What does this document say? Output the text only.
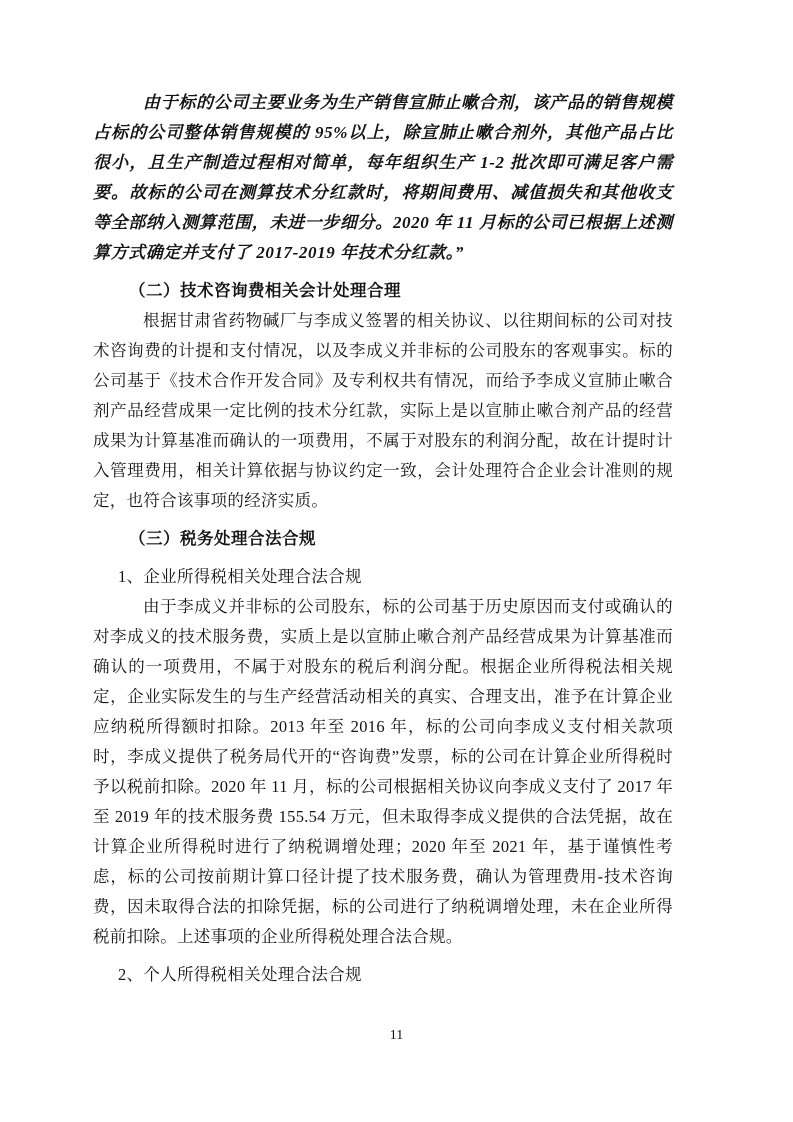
由于标的公司主要业务为生产销售宣肺止嗽合剂，该产品的销售规模占标的公司整体销售规模的 95%以上，除宣肺止嗽合剂外，其他产品占比很小，且生产制造过程相对简单，每年组织生产 1-2 批次即可满足客户需要。故标的公司在测算技术分红款时，将期间费用、减值损失和其他收支等全部纳入测算范围，未进一步细分。2020 年 11 月标的公司已根据上述测算方式确定并支付了 2017-2019 年技术分红款。”

（二）技术咨询费相关会计处理合理

根据甘肃省药物碱厂与李成义签署的相关协议、以往期间标的公司对技术咨询费的计提和支付情况，以及李成义并非标的公司股东的客观事实。标的公司基于《技术合作开发合同》及专利权共有情况，而给予李成义宣肺止嗽合剂产品经营成果一定比例的技术分红款，实际上是以宣肺止嗽合剂产品的经营成果为计算基准而确认的一项费用，不属于对股东的利润分配，故在计提时计入管理费用，相关计算依据与协议约定一致，会计处理符合企业会计准则的规定，也符合该事项的经济实质。

（三）税务处理合法合规

1、企业所得税相关处理合法合规

由于李成义并非标的公司股东，标的公司基于历史原因而支付或确认的对李成义的技术服务费，实质上是以宣肺止嗽合剂产品经营成果为计算基准而确认的一项费用，不属于对股东的税后利润分配。根据企业所得税法相关规定，企业实际发生的与生产经营活动相关的真实、合理支出，准予在计算企业应纳税所得额时扣除。2013 年至 2016 年，标的公司向李成义支付相关款项时，李成义提供了税务局代开的“咨询费”发票，标的公司在计算企业所得税时予以税前扣除。2020 年 11 月，标的公司根据相关协议向李成义支付了 2017 年至 2019 年的技术服务费 155.54 万元，但未取得李成义提供的合法凭据，故在计算企业所得税时进行了纳税调增处理；2020 年至 2021 年，基于谨慎性考虑，标的公司按前期计算口径计提了技术服务费，确认为管理费用-技术咨询费，因未取得合法的扣除凭据，标的公司进行了纳税调增处理，未在企业所得税前扣除。上述事项的企业所得税处理合法合规。

2、个人所得税相关处理合法合规

11
